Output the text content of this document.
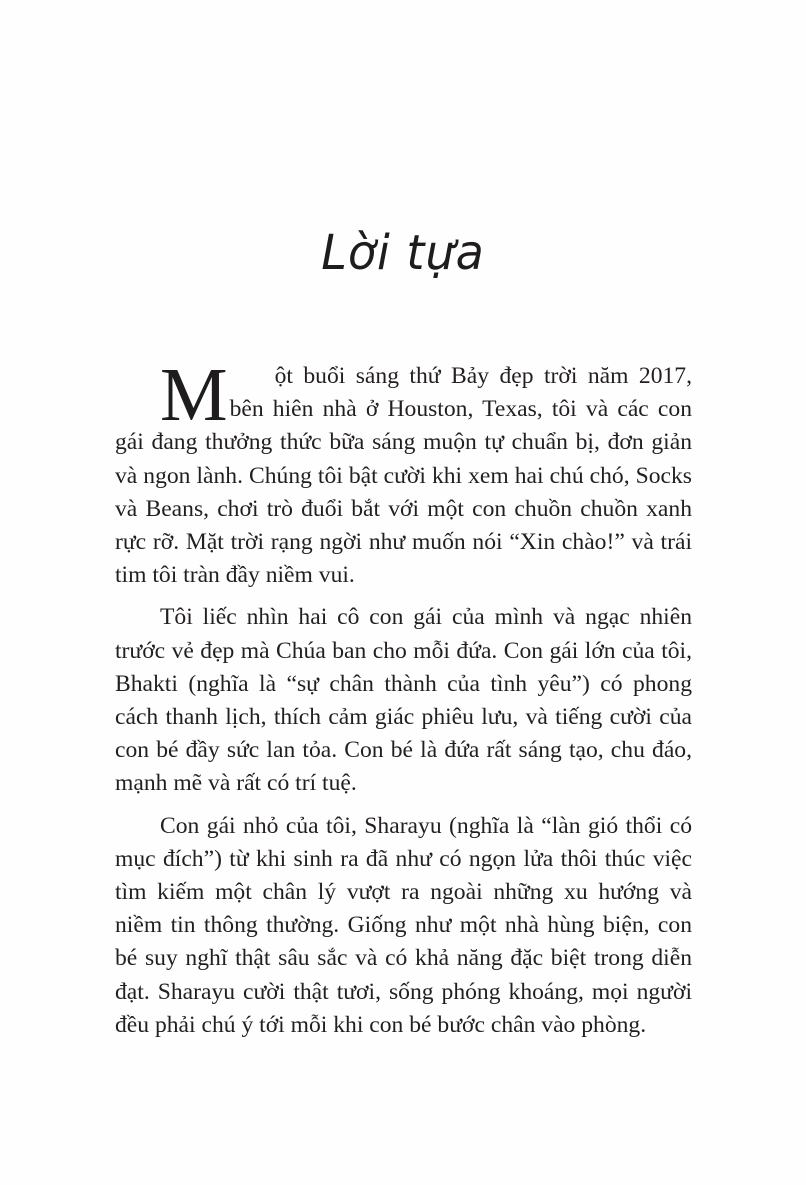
Lời tựa

M ột buổi sáng thứ Bảy đẹp trời năm 2017, bên hiên nhà ở Houston, Texas, tôi và các con gái đang thưởng thức bữa sáng muộn tự chuẩn bị, đơn giản và ngon lành. Chúng tôi bật cười khi xem hai chú chó, Socks và Beans, chơi trò đuổi bắt với một con chuồn chuồn xanh rực rỡ. Mặt trời rạng ngời như muốn nói “Xin chào!” và trái tim tôi tràn đầy niềm vui.

Tôi liếc nhìn hai cô con gái của mình và ngạc nhiên trước vẻ đẹp mà Chúa ban cho mỗi đứa. Con gái lớn của tôi, Bhakti (nghĩa là “sự chân thành của tình yêu”) có phong cách thanh lịch, thích cảm giác phiêu lưu, và tiếng cười của con bé đầy sức lan tỏa. Con bé là đứa rất sáng tạo, chu đáo, mạnh mẽ và rất có trí tuệ.

Con gái nhỏ của tôi, Sharayu (nghĩa là “làn gió thổi có mục đích”) từ khi sinh ra đã như có ngọn lửa thôi thúc việc tìm kiếm một chân lý vượt ra ngoài những xu hướng và niềm tin thông thường. Giống như một nhà hùng biện, con bé suy nghĩ thật sâu sắc và có khả năng đặc biệt trong diễn đạt. Sharayu cười thật tươi, sống phóng khoáng, mọi người đều phải chú ý tới mỗi khi con bé bước chân vào phòng.
